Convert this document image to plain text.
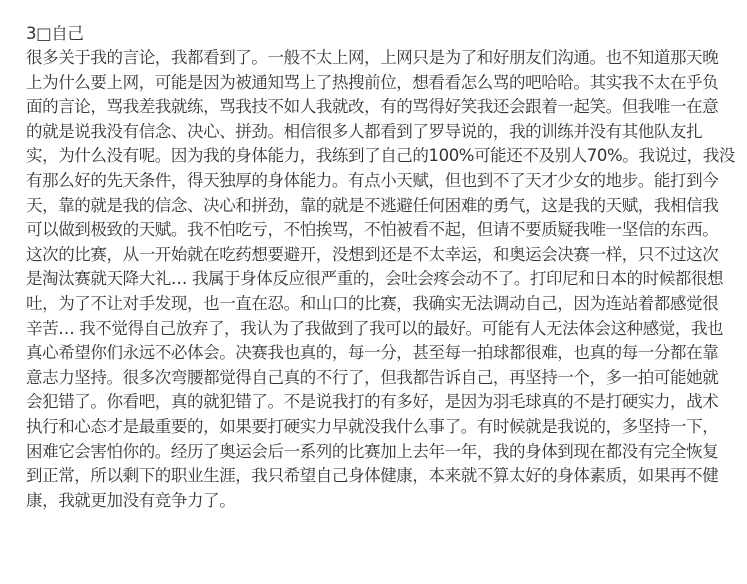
3□自己

很多关于我的言论，我都看到了。一般不太上网，上网只是为了和好朋友们沟通。也不知道那天晚

上为什么要上网，可能是因为被通知骂上了热搜前位，想看看怎么骂的吧哈哈。其实我不太在乎负

面的言论，骂我差我就练，骂我技不如人我就改，有的骂得好笑我还会跟着一起笑。但我唯一在意

的就是说我没有信念、决心、拼劲。相信很多人都看到了罗导说的，我的训练并没有其他队友扎

实，为什么没有呢。因为我的身体能力，我练到了自己的100%可能还不及别人70%。我说过，我没

有那么好的先天条件，得天独厚的身体能力。有点小天赋，但也到不了天才少女的地步。能打到今

天，靠的就是我的信念、决心和拼劲，靠的就是不逃避任何困难的勇气，这是我的天赋，我相信我

可以做到极致的天赋。我不怕吃亏，不怕挨骂，不怕被看不起，但请不要质疑我唯一坚信的东西。

这次的比赛，从一开始就在吃药想要避开，没想到还是不太幸运，和奥运会决赛一样，只不过这次

是淘汰赛就天降大礼… 我属于身体反应很严重的，会吐会疼会动不了。打印尼和日本的时候都很想

吐，为了不让对手发现，也一直在忍。和山口的比赛，我确实无法调动自己，因为连站着都感觉很

辛苦… 我不觉得自己放弃了，我认为了我做到了我可以的最好。可能有人无法体会这种感觉，我也

真心希望你们永远不必体会。决赛我也真的，每一分，甚至每一拍球都很难，也真的每一分都在靠

意志力坚持。很多次弯腰都觉得自己真的不行了，但我都告诉自己，再坚持一个，多一拍可能她就

会犯错了。你看吧，真的就犯错了。不是说我打的有多好，是因为羽毛球真的不是打硬实力，战术

执行和心态才是最重要的，如果要打硬实力早就没我什么事了。有时候就是我说的，多坚持一下，

困难它会害怕你的。经历了奥运会后一系列的比赛加上去年一年，我的身体到现在都没有完全恢复

到正常，所以剩下的职业生涯，我只希望自己身体健康，本来就不算太好的身体素质，如果再不健

康，我就更加没有竞争力了。
